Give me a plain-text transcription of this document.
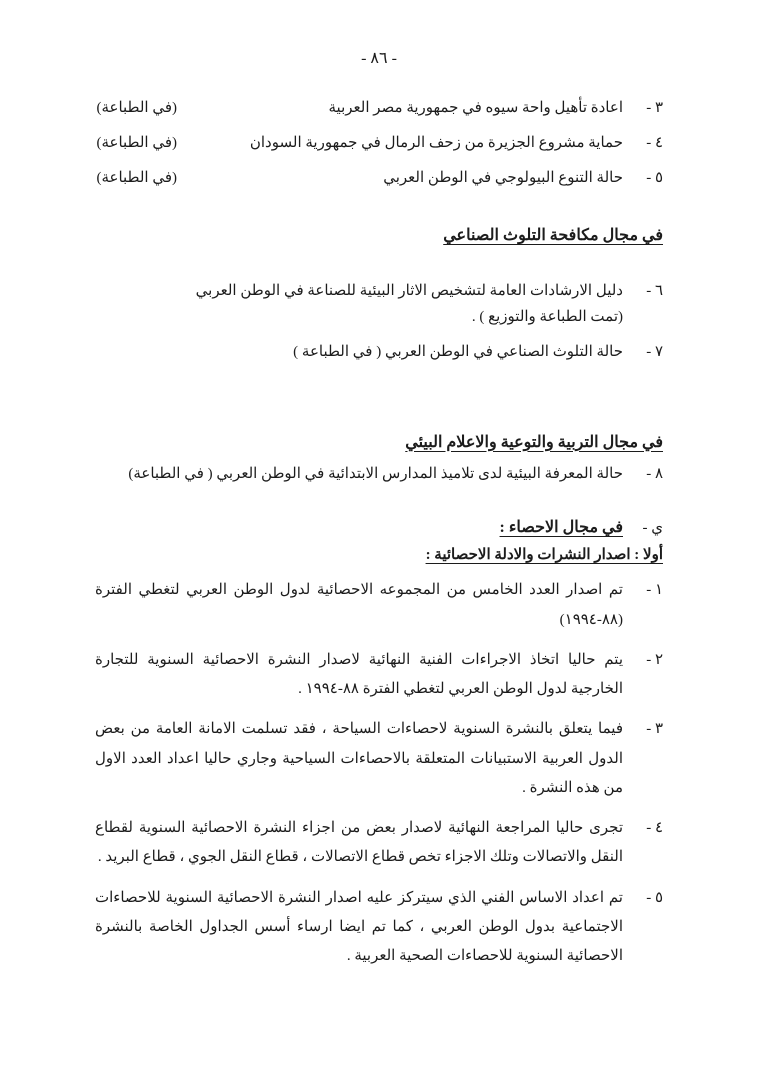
- ٨٦ -
٣ -
اعادة تأهيل واحة سيوه في جمهورية مصر العربية
(في الطباعة)
٤ -
حماية مشروع الجزيرة من زحف الرمال في جمهورية السودان
(في الطباعة)
٥ -
حالة التنوع البيولوجي في الوطن العربي
(في الطباعة)
في مجال مكافحة التلوث الصناعي
٦ -
دليل الارشادات العامة لتشخيص الاثار البيئية للصناعة في الوطن العربي
(تمت الطباعة والتوزيع ) .
٧ -
حالة التلوث الصناعي في الوطن العربي ( في الطباعة )
في مجال التربية والتوعية والاعلام البيئي
٨ -
حالة المعرفة البيئية لدى تلاميذ المدارس الابتدائية في الوطن العربي ( في الطباعة)
ي -
في مجال الاحصاء :
أولا : اصدار النشرات والادلة الاحصائية :
١ -

تم اصدار العدد الخامس من المجموعه الاحصائية لدول الوطن العربي لتغطي الفترة (٨٨-١٩٩٤)

٢ -

يتم حاليا اتخاذ الاجراءات الفنية النهائية لاصدار النشرة الاحصائية السنوية للتجارة الخارجية لدول الوطن العربي لتغطي الفترة ٨٨-١٩٩٤ .

٣ -

فيما يتعلق بالنشرة السنوية لاحصاءات السياحة ، فقد تسلمت الامانة العامة من بعض الدول العربية الاستبيانات المتعلقة بالاحصاءات السياحية وجاري حاليا اعداد العدد الاول من هذه النشرة .

٤ -

تجرى حاليا المراجعة النهائية لاصدار بعض من اجزاء النشرة الاحصائية السنوية لقطاع النقل والاتصالات وتلك الاجزاء تخص قطاع الاتصالات ، قطاع النقل الجوي ، قطاع البريد .

٥ -

تم اعداد الاساس الفني الذي سيتركز عليه اصدار النشرة الاحصائية السنوية للاحصاءات الاجتماعية بدول الوطن العربي ، كما تم ايضا ارساء أسس الجداول الخاصة بالنشرة الاحصائية السنوية للاحصاءات الصحية العربية .
